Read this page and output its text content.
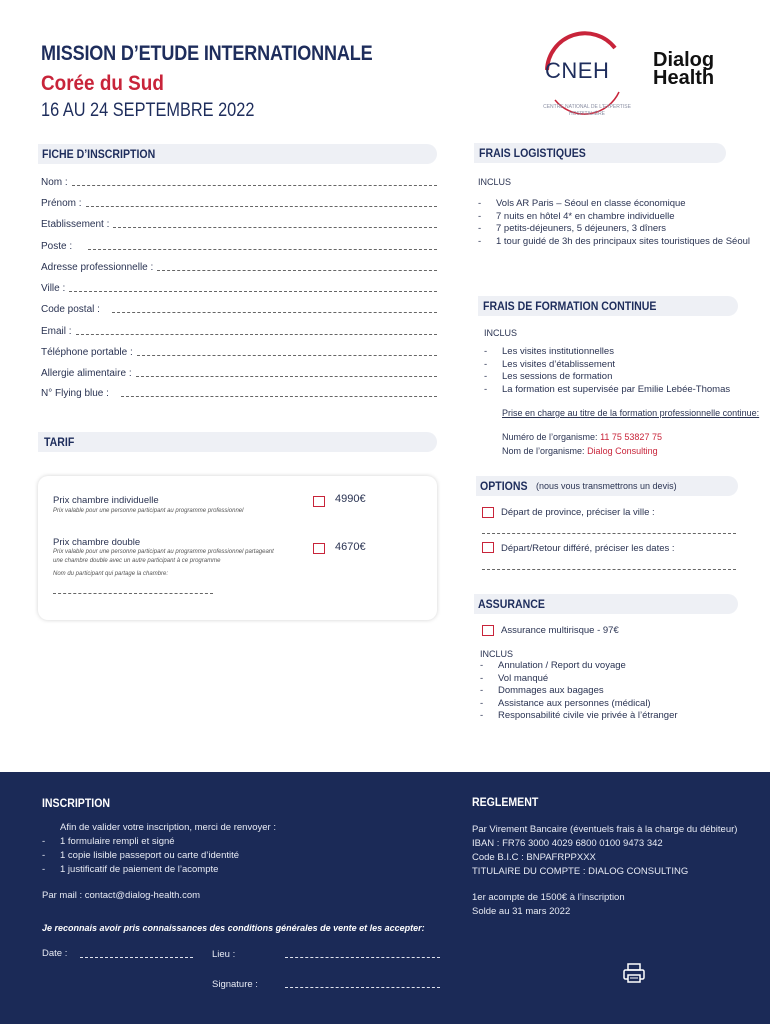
MISSION D’ETUDE INTERNATIONNALE
Corée du Sud
16 AU 24 SEPTEMBRE 2022
CNEH
CENTRE NATIONAL DE L'EXPERTISE HOSPITALIÈRE
Dialog
Health
FICHE D’INSCRIPTION
Nom :
Prénom :
Etablissement :
Poste :
Adresse professionnelle :
Ville :
Code postal :
Email :
Téléphone portable :
Allergie alimentaire :
N° Flying blue :
FRAIS LOGISTIQUES
INCLUS
- Vols AR Paris – Séoul en classe économique
- 7 nuits en hôtel 4* en chambre individuelle
- 7 petits-déjeuners, 5 déjeuners, 3 dîners
- 1 tour guidé de 3h des principaux sites touristiques de Séoul
FRAIS DE FORMATION CONTINUE
INCLUS
- Les visites institutionnelles
- Les visites d’établissement
- Les sessions de formation
- La formation est supervisée par Emilie Lebée-Thomas
Prise en charge au titre de la formation professionnelle continue:
Numéro de l’organisme: 11 75 53827 75
Nom de l’organisme: Dialog Consulting
TARIF
Prix chambre individuelle
Prix valable pour une personne participant au programme professionnel
4990€
Prix chambre double
Prix valable pour une personne participant au programme professionnel partageant
une chambre double avec un autre participant à ce programme
Nom du participant qui partage la chambre:
4670€
OPTIONS (nous vous transmettrons un devis)
Départ de province, préciser la ville :
Départ/Retour différé, préciser les dates :
ASSURANCE
Assurance multirisque - 97€
INCLUS
- Annulation / Report du voyage
- Vol manqué
- Dommages aux bagages
- Assistance aux personnes (médical)
- Responsabilité civile vie privée à l’étranger
INSCRIPTION
Afin de valider votre inscription, merci de renvoyer :
- 1 formulaire rempli et signé
- 1 copie lisible passeport ou carte d’identité
- 1 justificatif de paiement de l’acompte
Par mail : contact@dialog-health.com
Je reconnais avoir pris connaissances des conditions générales de vente et les accepter:
Date :	Lieu :
Signature :
REGLEMENT
Par Virement Bancaire (éventuels frais à la charge du débiteur)
IBAN : FR76 3000 4029 6800 0100 9473 342
Code B.I.C : BNPAFRPPXXX
TITULAIRE DU COMPTE : DIALOG CONSULTING
1er acompte de 1500€ à l’inscription
Solde au 31 mars 2022
